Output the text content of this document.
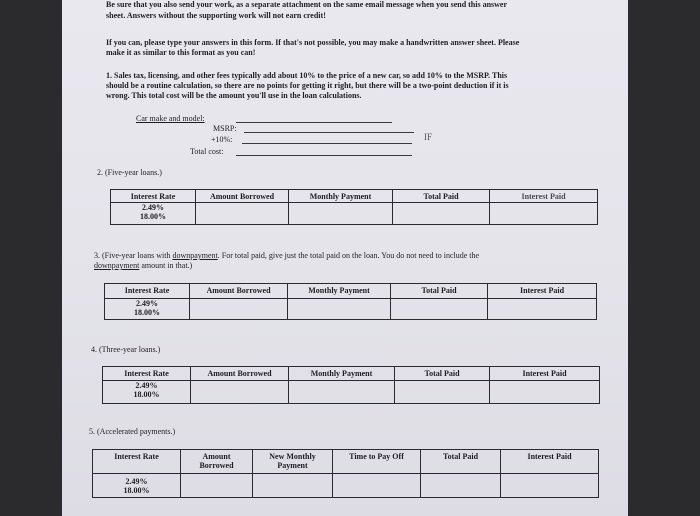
Be sure that you also send your work, as a separate attachment on the same email message when you send this answer
sheet. Answers without the supporting work will not earn credit!
If you can, please type your answers in this form. If that's not possible, you may make a handwritten answer sheet. Please
make it as similar to this format as you can!
1. Sales tax, licensing, and other fees typically add about 10% to the price of a new car, so add 10% to the MSRP. This
should be a routine calculation, so there are no points for getting it right, but there will be a two-point deduction if it is
wrong. This total cost will be the amount you'll use in the loan calculations.
Car make and model:
MSRP:
+10%:
Total cost:
IF
2. (Five-year loans.)
Interest Rate	Amount Borrowed	Monthly Payment	Total Paid	Interest Paid

2.49%
18.00%				

3. (Five-year loans with downpayment. For total paid, give just the total paid on the loan. You do not need to include the
downpayment amount in that.)
Interest Rate	Amount Borrowed	Monthly Payment	Total Paid	Interest Paid

2.49%
18.00%				

4. (Three-year loans.)
Interest Rate	Amount Borrowed	Monthly Payment	Total Paid	Interest Paid

2.49%
18.00%				

5. (Accelerated payments.)
Interest Rate	Amount Borrowed	New Monthly Payment	Time to Pay Off	Total Paid	Interest Paid

2.49%
18.00%					
